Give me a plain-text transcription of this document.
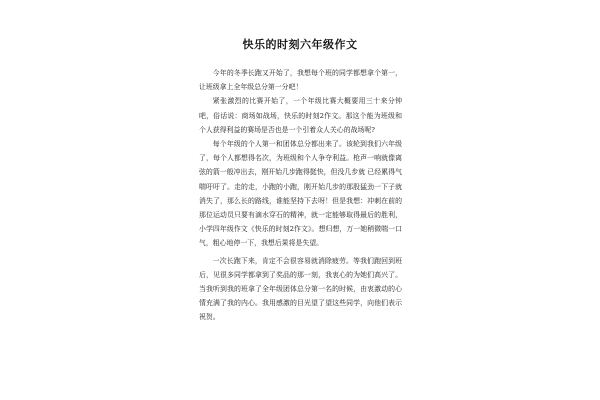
快乐的时刻六年级作文

今年的冬季长跑又开始了，我想每个班的同学都想拿个第一，让班级拿上全年级总分第一分吧！

紧张激烈的比赛开始了，一个年级比赛大概要用三十来分钟吧，俗话说：商场如战场，快乐的时刻2作文。那这个能为班级和个人获得利益的赛场是否也是一个引着众人关心的战场呢?

每个年级的个人第一和团体总分都出来了。该轮到我们六年级了，每个人都想得名次，为班级和个人争夺利益。枪声一响就像离弦的箭一般冲出去，刚开始几步跑得挺快，但没几步就 已经累得气喘吁吁了。走的走，小跑的小跑，刚开始几步的那股猛劲一下子就消失了，那么长的路线，谁能坚持下去呀！但是我想：冲刺在前的那位运动员只要有滴水穿石的精神，就一定能够取得最后的胜利，小学四年级作文《快乐的时刻2作文》。想归想，万一她稍微喘一口气，粗心地停一下，我想后果将是失望。

一次长跑下来，肯定不会很容易就消除疲劳。等我们跑回到班后，见很多同学都拿到了奖品的那一刻，我衷心的为她们高兴了。当我听到我的班拿了全年级团体总分第一名的时候，由衷激动的心情充满了我的内心。我用感激的目光望了望这些同学，向他们表示祝贺。
